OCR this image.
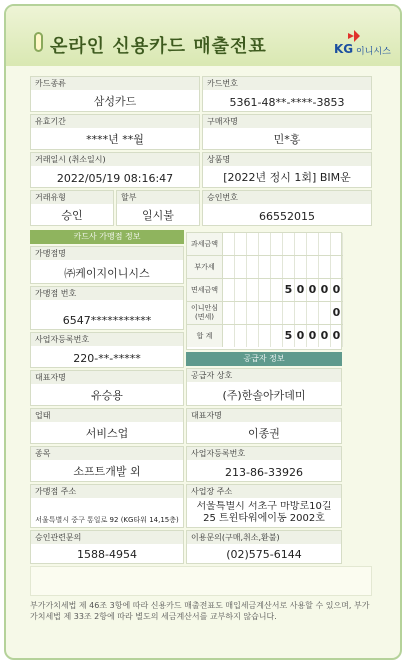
온라인 신용카드 매출전표	KG 이니시스
카드종류
삼성카드
카드번호
5361-48**-****-3853
유효기간
****년 **월
구매자명
민*홍
거래일시 (취소일시)
2022/05/19 08:16:47
상품명
[2022년 정시 1회] BIM운
거래유형
승인
할부
일시불
승인번호
66552015
카드사 가맹점 정보
가맹점명
㈜케이지이니시스
가맹점 번호
6547***********
사업자등록번호
220-**-*****
대표자명
유승용
업태
서비스업
종목
소프트개발 외
가맹점 주소
서울특별시 중구 통일로 92 (KG타워 14,15층)
승인관련문의
1588-4954
과세금액
부가세
면세금액	5 0 0 0 0
이니안심(면세)	0
합 계	5 0 0 0 0
공급자 정보
공급자 상호
(주)한솔아카데미
대표자명
이종권
사업자등록번호
213-86-33926
사업장 주소
서울특별시 서초구 마방로10길 25 트윈타워에이동 2002호
이용문의(구매,취소,환불)
(02)575-6144
부가가치세법 제 46조 3항에 따라 신용카드 매출전표도 매입세금계산서로 사용할 수 있으며, 부가가치세법 제 33조 2항에 따라 별도의 세금계산서를 교부하지 않습니다.
